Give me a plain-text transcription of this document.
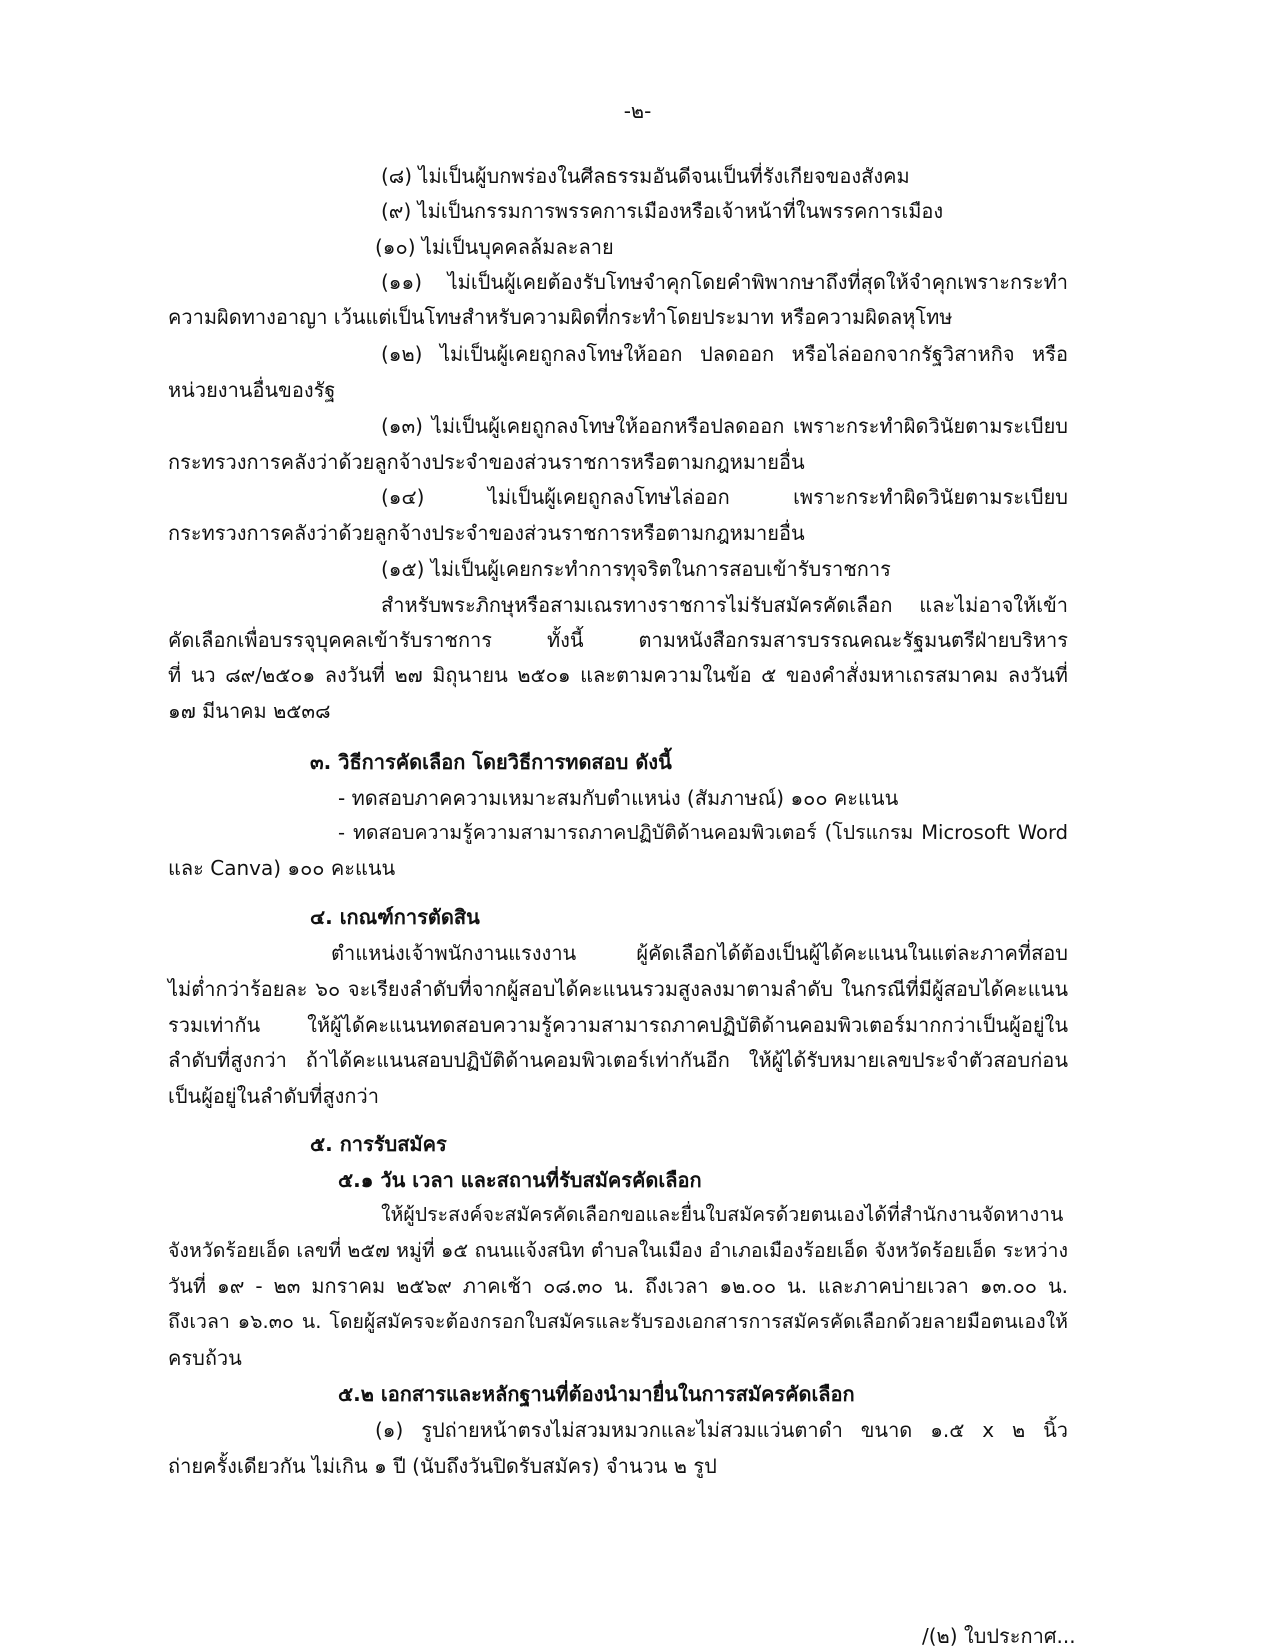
-๒-
(๘) ไม่เป็นผู้บกพร่องในศีลธรรมอันดีจนเป็นที่รังเกียจของสังคม
(๙) ไม่เป็นกรรมการพรรคการเมืองหรือเจ้าหน้าที่ในพรรคการเมือง
(๑๐) ไม่เป็นบุคคลล้มละลาย
(๑๑) ไม่เป็นผู้เคยต้องรับโทษจำคุกโดยคำพิพากษาถึงที่สุดให้จำคุกเพราะกระทำ
ความผิดทางอาญา เว้นแต่เป็นโทษสำหรับความผิดที่กระทำโดยประมาท หรือความผิดลหุโทษ
(๑๒) ไม่เป็นผู้เคยถูกลงโทษให้ออก ปลดออก หรือไล่ออกจากรัฐวิสาหกิจ หรือ
หน่วยงานอื่นของรัฐ
(๑๓) ไม่เป็นผู้เคยถูกลงโทษให้ออกหรือปลดออก เพราะกระทำผิดวินัยตามระเบียบ
กระทรวงการคลังว่าด้วยลูกจ้างประจำของส่วนราชการหรือตามกฎหมายอื่น
(๑๔) ไม่เป็นผู้เคยถูกลงโทษไล่ออก เพราะกระทำผิดวินัยตามระเบียบ
กระทรวงการคลังว่าด้วยลูกจ้างประจำของส่วนราชการหรือตามกฎหมายอื่น
(๑๕) ไม่เป็นผู้เคยกระทำการทุจริตในการสอบเข้ารับราชการ
สำหรับพระภิกษุหรือสามเณรทางราชการไม่รับสมัครคัดเลือก และไม่อาจให้เข้า
คัดเลือกเพื่อบรรจุบุคคลเข้ารับราชการ ทั้งนี้ ตามหนังสือกรมสารบรรณคณะรัฐมนตรีฝ่ายบริหาร
ที่ นว ๘๙/๒๕๐๑ ลงวันที่ ๒๗ มิถุนายน ๒๕๐๑ และตามความในข้อ ๕ ของคำสั่งมหาเถรสมาคม ลงวันที่
๑๗ มีนาคม ๒๕๓๘
๓. วิธีการคัดเลือก โดยวิธีการทดสอบ ดังนี้
- ทดสอบภาคความเหมาะสมกับตำแหน่ง (สัมภาษณ์) ๑๐๐ คะแนน
- ทดสอบความรู้ความสามารถภาคปฏิบัติด้านคอมพิวเตอร์ (โปรแกรม Microsoft Word
และ Canva) ๑๐๐ คะแนน
๔. เกณฑ์การตัดสิน
ตำแหน่งเจ้าพนักงานแรงงาน ผู้คัดเลือกได้ต้องเป็นผู้ได้คะแนนในแต่ละภาคที่สอบ
ไม่ต่ำกว่าร้อยละ ๖๐ จะเรียงลำดับที่จากผู้สอบได้คะแนนรวมสูงลงมาตามลำดับ ในกรณีที่มีผู้สอบได้คะแนน
รวมเท่ากัน ให้ผู้ได้คะแนนทดสอบความรู้ความสามารถภาคปฏิบัติด้านคอมพิวเตอร์มากกว่าเป็นผู้อยู่ใน
ลำดับที่สูงกว่า ถ้าได้คะแนนสอบปฏิบัติด้านคอมพิวเตอร์เท่ากันอีก ให้ผู้ได้รับหมายเลขประจำตัวสอบก่อน
เป็นผู้อยู่ในลำดับที่สูงกว่า
๕. การรับสมัคร
๕.๑ วัน เวลา และสถานที่รับสมัครคัดเลือก
ให้ผู้ประสงค์จะสมัครคัดเลือกขอและยื่นใบสมัครด้วยตนเองได้ที่สำนักงานจัดหางาน
จังหวัดร้อยเอ็ด เลขที่ ๒๕๗ หมู่ที่ ๑๕ ถนนแจ้งสนิท ตำบลในเมือง อำเภอเมืองร้อยเอ็ด จังหวัดร้อยเอ็ด ระหว่าง
วันที่ ๑๙ - ๒๓ มกราคม ๒๕๖๙ ภาคเช้า ๐๘.๓๐ น. ถึงเวลา ๑๒.๐๐ น. และภาคบ่ายเวลา ๑๓.๐๐ น.
ถึงเวลา ๑๖.๓๐ น. โดยผู้สมัครจะต้องกรอกใบสมัครและรับรองเอกสารการสมัครคัดเลือกด้วยลายมือตนเองให้
ครบถ้วน
๕.๒ เอกสารและหลักฐานที่ต้องนำมายื่นในการสมัครคัดเลือก
(๑) รูปถ่ายหน้าตรงไม่สวมหมวกและไม่สวมแว่นตาดำ ขนาด ๑.๕ x ๒ นิ้ว
ถ่ายครั้งเดียวกัน ไม่เกิน ๑ ปี (นับถึงวันปิดรับสมัคร) จำนวน ๒ รูป
/(๒) ใบประกาศ...
